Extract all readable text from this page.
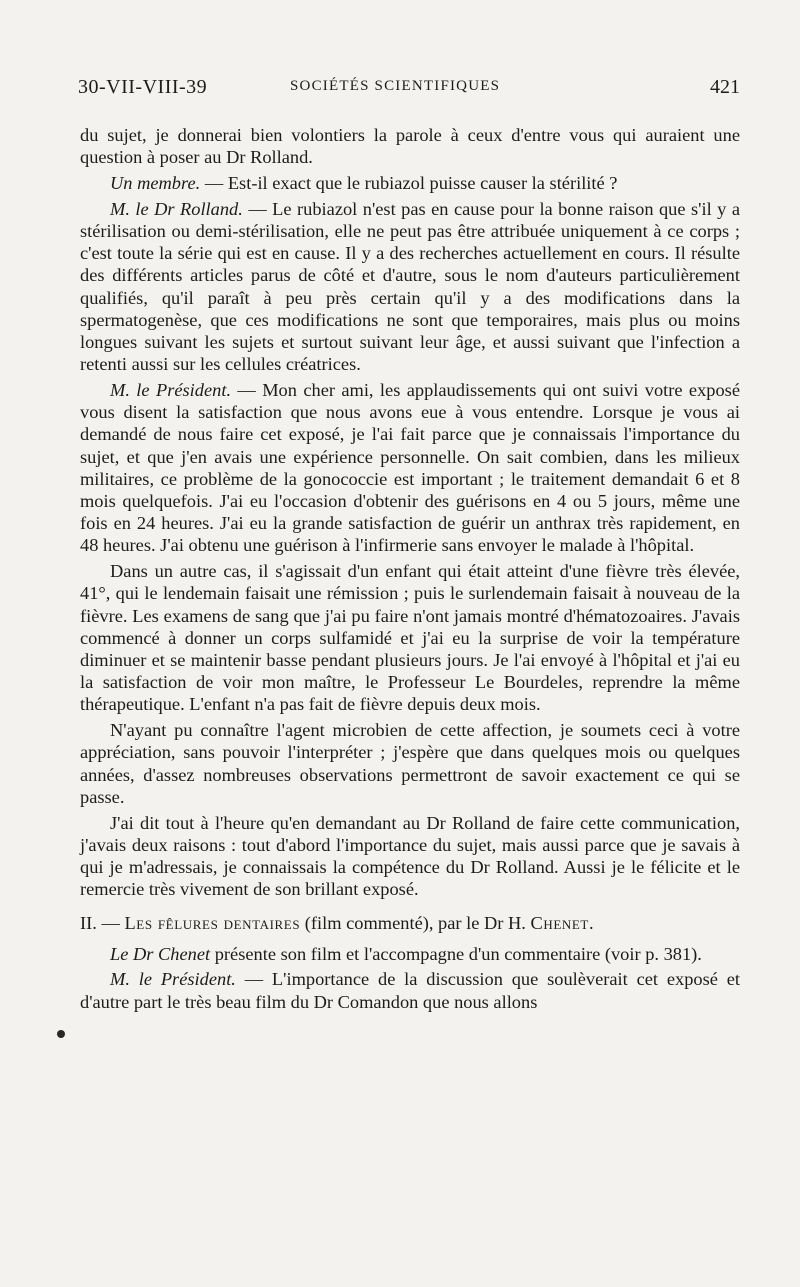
30-VII-VIII-39	SOCIÉTÉS SCIENTIFIQUES	421

du sujet, je donnerai bien volontiers la parole à ceux d'entre vous qui auraient une question à poser au Dr Rolland.

Un membre. — Est-il exact que le rubiazol puisse causer la stérilité ?

M. le Dr Rolland. — Le rubiazol n'est pas en cause pour la bonne raison que s'il y a stérilisation ou demi-stérilisation, elle ne peut pas être attribuée uniquement à ce corps ; c'est toute la série qui est en cause. Il y a des recherches actuellement en cours. Il résulte des différents articles parus de côté et d'autre, sous le nom d'auteurs particulièrement qualifiés, qu'il paraît à peu près certain qu'il y a des modifications dans la spermatogenèse, que ces modifications ne sont que temporaires, mais plus ou moins longues suivant les sujets et surtout suivant leur âge, et aussi suivant que l'infection a retenti aussi sur les cellules créatrices.

M. le Président. — Mon cher ami, les applaudissements qui ont suivi votre exposé vous disent la satisfaction que nous avons eue à vous entendre. Lorsque je vous ai demandé de nous faire cet exposé, je l'ai fait parce que je connaissais l'importance du sujet, et que j'en avais une expérience personnelle. On sait combien, dans les milieux militaires, ce problème de la gonococcie est important ; le traitement demandait 6 et 8 mois quelquefois. J'ai eu l'occasion d'obtenir des guérisons en 4 ou 5 jours, même une fois en 24 heures. J'ai eu la grande satisfaction de guérir un anthrax très rapidement, en 48 heures. J'ai obtenu une guérison à l'infirmerie sans envoyer le malade à l'hôpital.

Dans un autre cas, il s'agissait d'un enfant qui était atteint d'une fièvre très élevée, 41°, qui le lendemain faisait une rémission ; puis le surlendemain faisait à nouveau de la fièvre. Les examens de sang que j'ai pu faire n'ont jamais montré d'hématozoaires. J'avais commencé à donner un corps sulfamidé et j'ai eu la surprise de voir la température diminuer et se maintenir basse pendant plusieurs jours. Je l'ai envoyé à l'hôpital et j'ai eu la satisfaction de voir mon maître, le Professeur Le Bourdeles, reprendre la même thérapeutique. L'enfant n'a pas fait de fièvre depuis deux mois.

N'ayant pu connaître l'agent microbien de cette affection, je soumets ceci à votre appréciation, sans pouvoir l'interpréter ; j'espère que dans quelques mois ou quelques années, d'assez nombreuses observations permettront de savoir exactement ce qui se passe.

J'ai dit tout à l'heure qu'en demandant au Dr Rolland de faire cette communication, j'avais deux raisons : tout d'abord l'importance du sujet, mais aussi parce que je savais à qui je m'adressais, je connaissais la compétence du Dr Rolland. Aussi je le félicite et le remercie très vivement de son brillant exposé.

II. — Les fêlures dentaires (film commenté), par le Dr H. Chenet.

Le Dr Chenet présente son film et l'accompagne d'un commentaire (voir p. 381).

M. le Président. — L'importance de la discussion que soulèverait cet exposé et d'autre part le très beau film du Dr Comandon que nous allons
